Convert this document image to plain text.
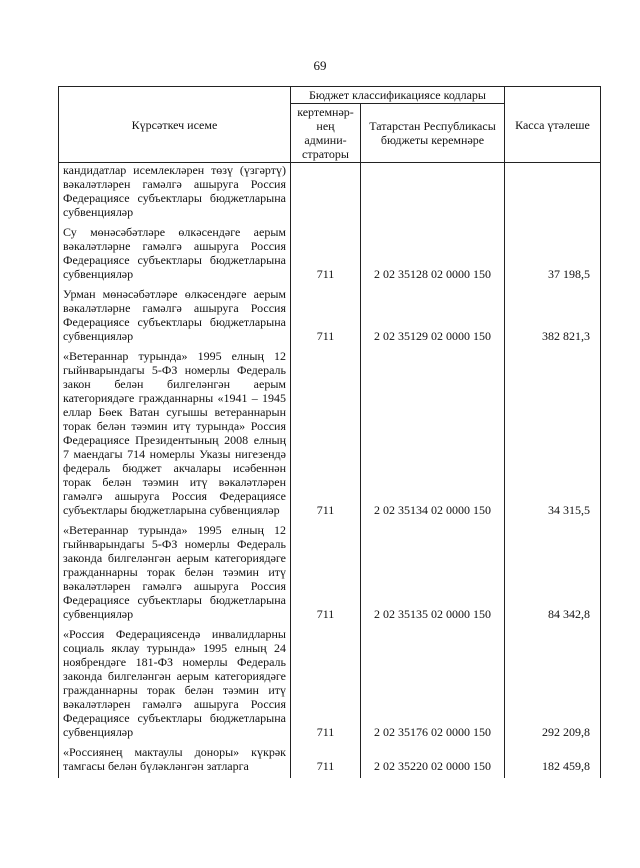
69
Күрсәткеч исеме	Бюджет классификациясе кодлары		Касса үтәлеше
	кертемнәр-нең админи-страторы	Татарстан Республикасы бюджеты керемнәре	
кандидатлар исемлекләрен төзү (үзгәртү) вәкаләтләрен гамәлгә ашыруга Россия Федерациясе субъектлары бюджетларына субвенцияләр			
Су мөнәсәбәтләре өлкәсендәге аерым вәкаләтләрне гамәлгә ашыруга Россия Федерациясе субъектлары бюджетларына субвенцияләр	711	2 02 35128 02 0000 150	37 198,5
Урман мөнәсәбәтләре өлкәсендәге аерым вәкаләтләрне гамәлгә ашыруга Россия Федерациясе субъектлары бюджетларына субвенцияләр	711	2 02 35129 02 0000 150	382 821,3
«Ветераннар турында» 1995 елның 12 гыйнварындагы 5-ФЗ номерлы Федераль закон белән билгеләнгән аерым категориядәге гражданнарны «1941 – 1945 еллар Бөек Ватан сугышы ветераннарын торак белән тәэмин итү турында» Россия Федерациясе Президентының 2008 елның 7 маендагы 714 номерлы Указы нигезендә федераль бюджет акчалары исәбеннән торак белән тәэмин итү вәкаләтләрен гамәлгә ашыруга Россия Федерациясе субъектлары бюджетларына субвенцияләр	711	2 02 35134 02 0000 150	34 315,5
«Ветераннар турында» 1995 елның 12 гыйнварындагы 5-ФЗ номерлы Федераль законда билгеләнгән аерым категориядәге гражданнарны торак белән тәэмин итү вәкаләтләрен гамәлгә ашыруга Россия Федерациясе субъектлары бюджетларына субвенцияләр	711	2 02 35135 02 0000 150	84 342,8
«Россия Федерациясендә инвалидларны социаль яклау турында» 1995 елның 24 ноябрендәге 181-ФЗ номерлы Федераль законда билгеләнгән аерым категориядәге гражданнарны торак белән тәэмин итү вәкаләтләрен гамәлгә ашыруга Россия Федерациясе субъектлары бюджетларына субвенцияләр	711	2 02 35176 02 0000 150	292 209,8
«Россиянең мактаулы доноры» күкрәк тамгасы белән бүләкләнгән затларга	711	2 02 35220 02 0000 150	182 459,8
